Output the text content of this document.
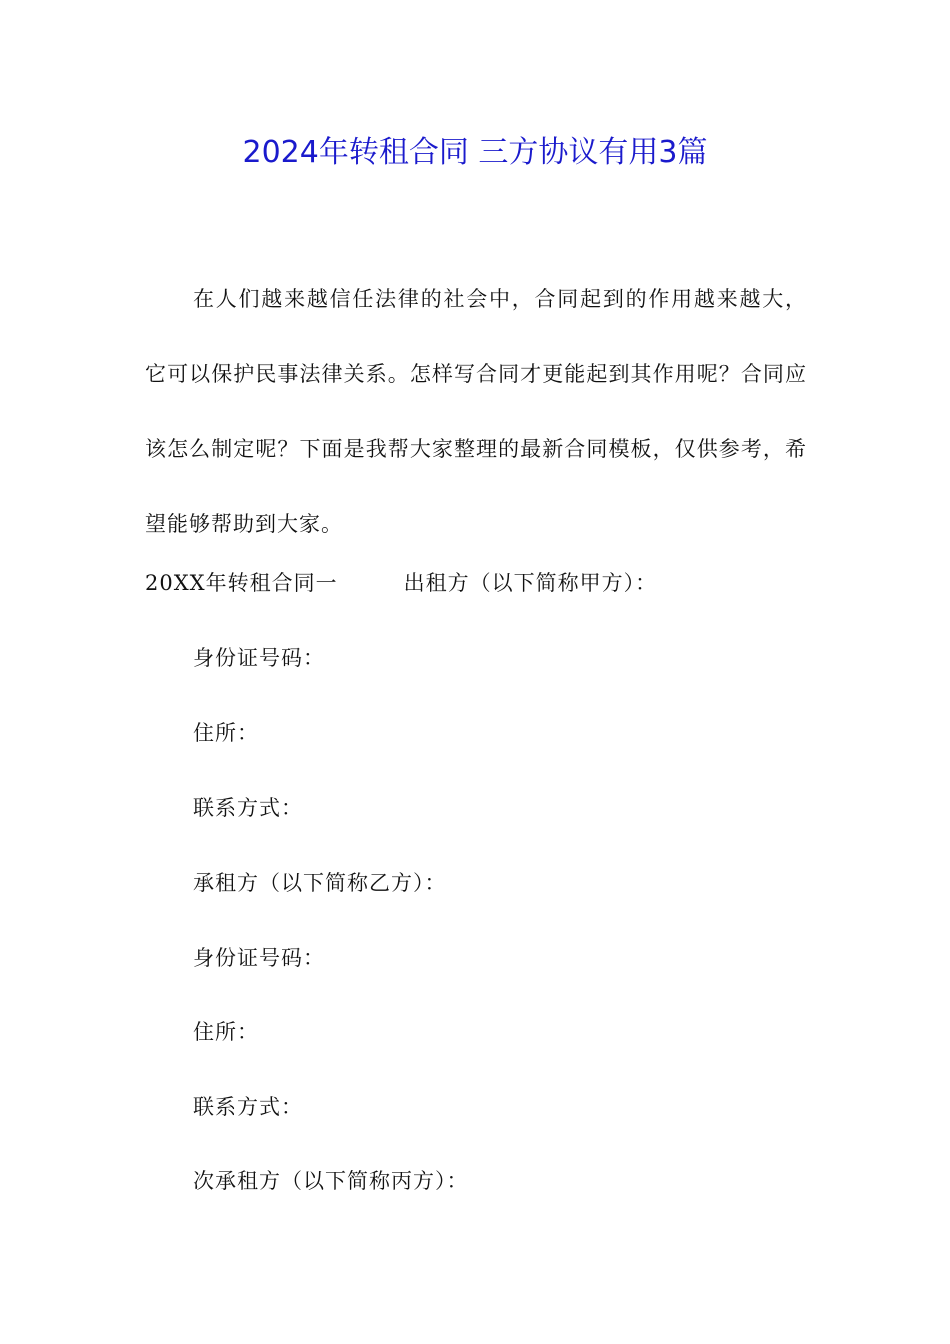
2024年转租合同 三方协议有用3篇

在人们越来越信任法律的社会中，合同起到的作用越来越大，它可以保护民事法律关系。怎样写合同才更能起到其作用呢？合同应该怎么制定呢？下面是我帮大家整理的最新合同模板，仅供参考，希望能够帮助到大家。

20XX年转租合同一	出租方（以下简称甲方）：
身份证号码：
住所：
联系方式：
承租方（以下简称乙方）：
身份证号码：
住所：
联系方式：
次承租方（以下简称丙方）：
